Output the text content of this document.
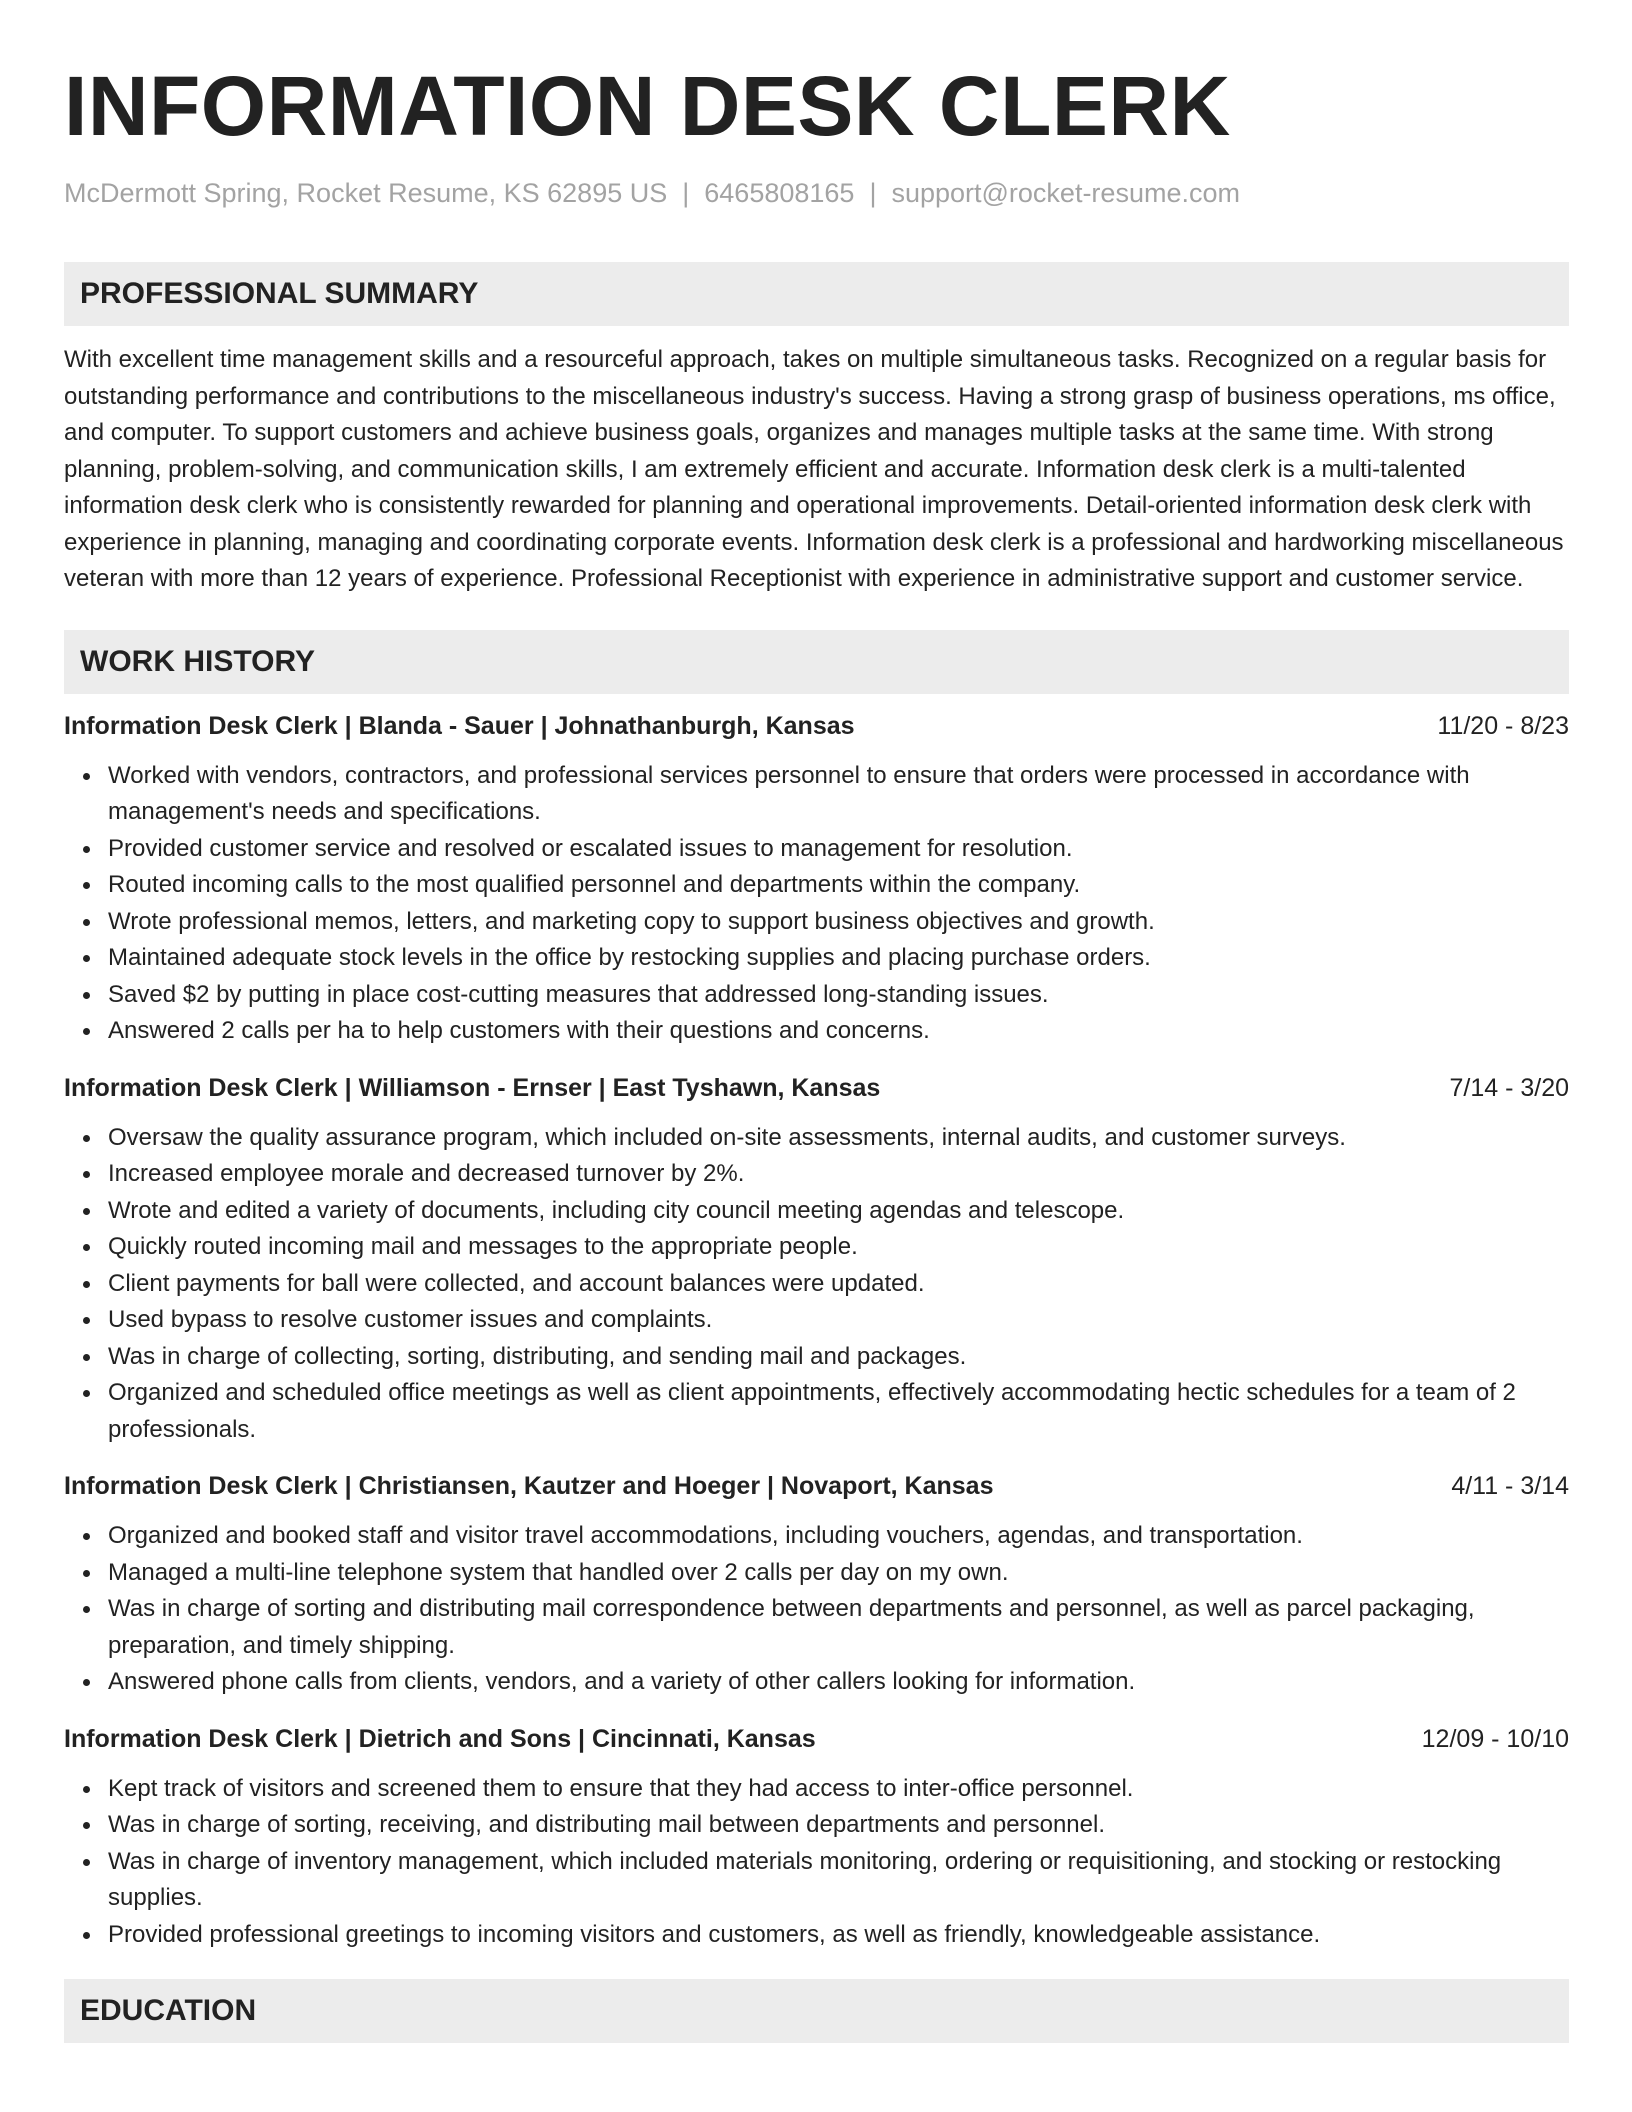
INFORMATION DESK CLERK
McDermott Spring, Rocket Resume, KS 62895 US | 6465808165 | support@rocket-resume.com
PROFESSIONAL SUMMARY
With excellent time management skills and a resourceful approach, takes on multiple simultaneous tasks. Recognized on a regular basis for outstanding performance and contributions to the miscellaneous industry's success. Having a strong grasp of business operations, ms office, and computer. To support customers and achieve business goals, organizes and manages multiple tasks at the same time. With strong planning, problem-solving, and communication skills, I am extremely efficient and accurate. Information desk clerk is a multi-talented information desk clerk who is consistently rewarded for planning and operational improvements. Detail-oriented information desk clerk with experience in planning, managing and coordinating corporate events. Information desk clerk is a professional and hardworking miscellaneous veteran with more than 12 years of experience. Professional Receptionist with experience in administrative support and customer service.
WORK HISTORY
Information Desk Clerk | Blanda - Sauer | Johnathanburgh, Kansas	11/20 - 8/23
Worked with vendors, contractors, and professional services personnel to ensure that orders were processed in accordance with management's needs and specifications.
Provided customer service and resolved or escalated issues to management for resolution.
Routed incoming calls to the most qualified personnel and departments within the company.
Wrote professional memos, letters, and marketing copy to support business objectives and growth.
Maintained adequate stock levels in the office by restocking supplies and placing purchase orders.
Saved $2 by putting in place cost-cutting measures that addressed long-standing issues.
Answered 2 calls per ha to help customers with their questions and concerns.
Information Desk Clerk | Williamson - Ernser | East Tyshawn, Kansas	7/14 - 3/20
Oversaw the quality assurance program, which included on-site assessments, internal audits, and customer surveys.
Increased employee morale and decreased turnover by 2%.
Wrote and edited a variety of documents, including city council meeting agendas and telescope.
Quickly routed incoming mail and messages to the appropriate people.
Client payments for ball were collected, and account balances were updated.
Used bypass to resolve customer issues and complaints.
Was in charge of collecting, sorting, distributing, and sending mail and packages.
Organized and scheduled office meetings as well as client appointments, effectively accommodating hectic schedules for a team of 2 professionals.
Information Desk Clerk | Christiansen, Kautzer and Hoeger | Novaport, Kansas	4/11 - 3/14
Organized and booked staff and visitor travel accommodations, including vouchers, agendas, and transportation.
Managed a multi-line telephone system that handled over 2 calls per day on my own.
Was in charge of sorting and distributing mail correspondence between departments and personnel, as well as parcel packaging, preparation, and timely shipping.
Answered phone calls from clients, vendors, and a variety of other callers looking for information.
Information Desk Clerk | Dietrich and Sons | Cincinnati, Kansas	12/09 - 10/10
Kept track of visitors and screened them to ensure that they had access to inter-office personnel.
Was in charge of sorting, receiving, and distributing mail between departments and personnel.
Was in charge of inventory management, which included materials monitoring, ordering or requisitioning, and stocking or restocking supplies.
Provided professional greetings to incoming visitors and customers, as well as friendly, knowledgeable assistance.
EDUCATION
